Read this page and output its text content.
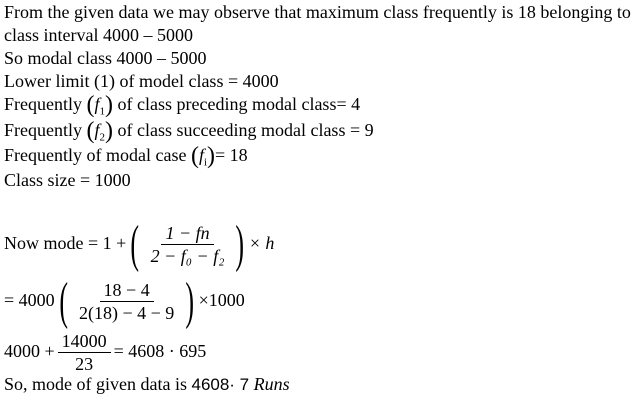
From the given data we may observe that maximum class frequently is 18 belonging to
class interval 4000 – 5000
So modal class 4000 – 5000
Lower limit (1) of model class = 4000
Frequently $(f_1)$ of class preceding modal class= 4
Frequently $(f_2)$ of class succeeding modal class = 9
Frequently of modal case $(f_i)= 18$
Class size = 1000
Now mode = 1 +( $\frac{1 - fn}{\text{2 − f₀ − f₂}}$ ) × h
= $4000( \frac{18 - 4}{2(18) - 4 - 9}$ ) ×1000
$4000 + \frac{14000}{23} = 4608 \cdot 695$
So, mode of given data is 4608· 7 Runs
